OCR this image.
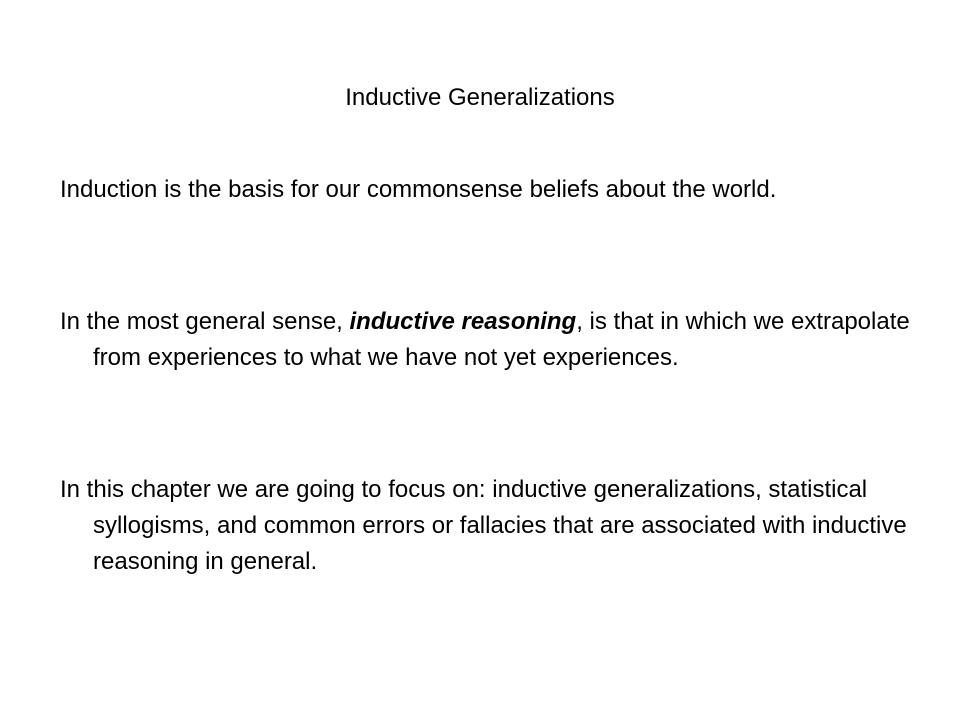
Inductive Generalizations

Induction is the basis for our commonsense beliefs about the world.

In the most general sense, inductive reasoning, is that in which we extrapolate from experiences to what we have not yet experiences.

In this chapter we are going to focus on: inductive generalizations, statistical syllogisms, and common errors or fallacies that are associated with inductive reasoning in general.
